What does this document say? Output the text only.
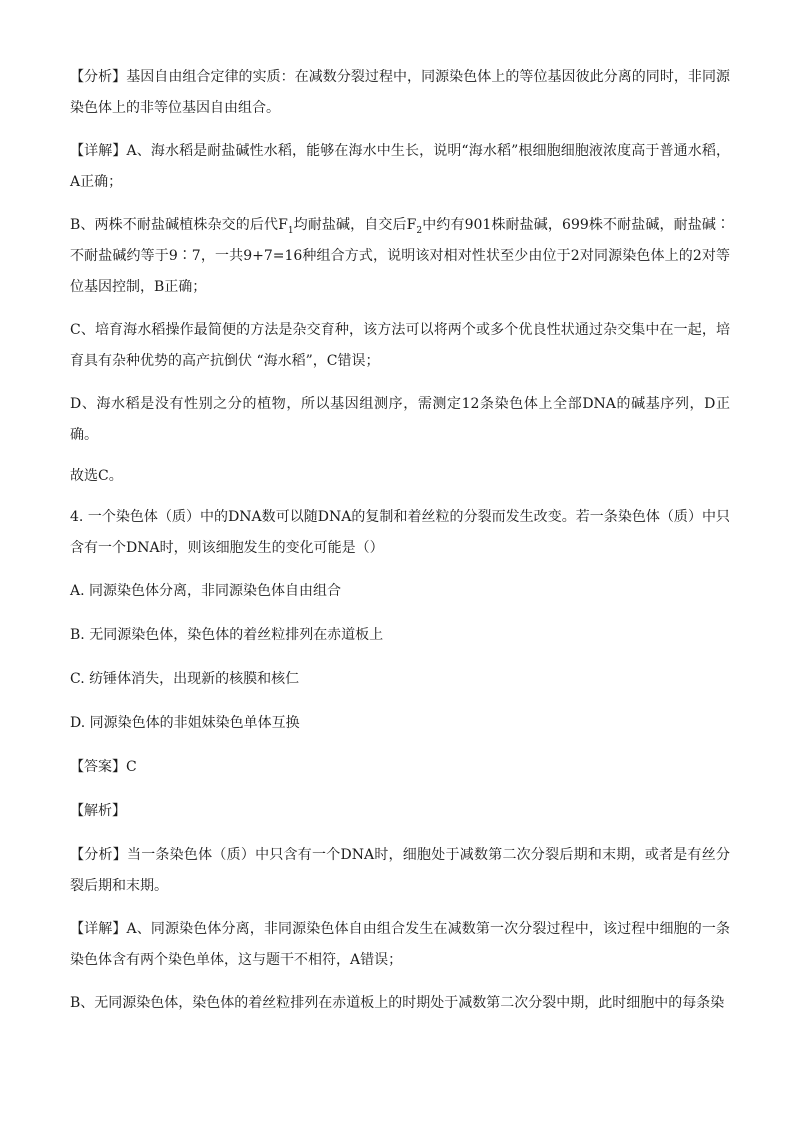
【分析】基因自由组合定律的实质：在减数分裂过程中，同源染色体上的等位基因彼此分离的同时，非同源染色体上的非等位基因自由组合。

【详解】A、海水稻是耐盐碱性水稻，能够在海水中生长，说明“海水稻”根细胞细胞液浓度高于普通水稻，A正确；

B、两株不耐盐碱植株杂交的后代$F_1$均耐盐碱，自交后$F_2$中约有901株耐盐碱，699株不耐盐碱，耐盐碱∶不耐盐碱约等于9∶7，一共9+7=16种组合方式，说明该对相对性状至少由位于2对同源染色体上的2对等位基因控制，B正确；

C、培育海水稻操作最简便的方法是杂交育种，该方法可以将两个或多个优良性状通过杂交集中在一起，培育具有杂种优势的高产抗倒伏 “海水稻”，C错误；

D、海水稻是没有性别之分的植物，所以基因组测序，需测定12条染色体上全部DNA的碱基序列，D正确。

故选C。

4. 一个染色体（质）中的DNA数可以随DNA的复制和着丝粒的分裂而发生改变。若一条染色体（质）中只含有一个DNA时，则该细胞发生的变化可能是（）

A. 同源染色体分离，非同源染色体自由组合

B. 无同源染色体，染色体的着丝粒排列在赤道板上

C. 纺锤体消失，出现新的核膜和核仁

D. 同源染色体的非姐妹染色单体互换

【答案】C

【解析】

【分析】当一条染色体（质）中只含有一个DNA时，细胞处于减数第二次分裂后期和末期，或者是有丝分裂后期和末期。

【详解】A、同源染色体分离，非同源染色体自由组合发生在减数第一次分裂过程中，该过程中细胞的一条染色体含有两个染色单体，这与题干不相符，A错误；

B、无同源染色体，染色体的着丝粒排列在赤道板上的时期处于减数第二次分裂中期，此时细胞中的每条染
